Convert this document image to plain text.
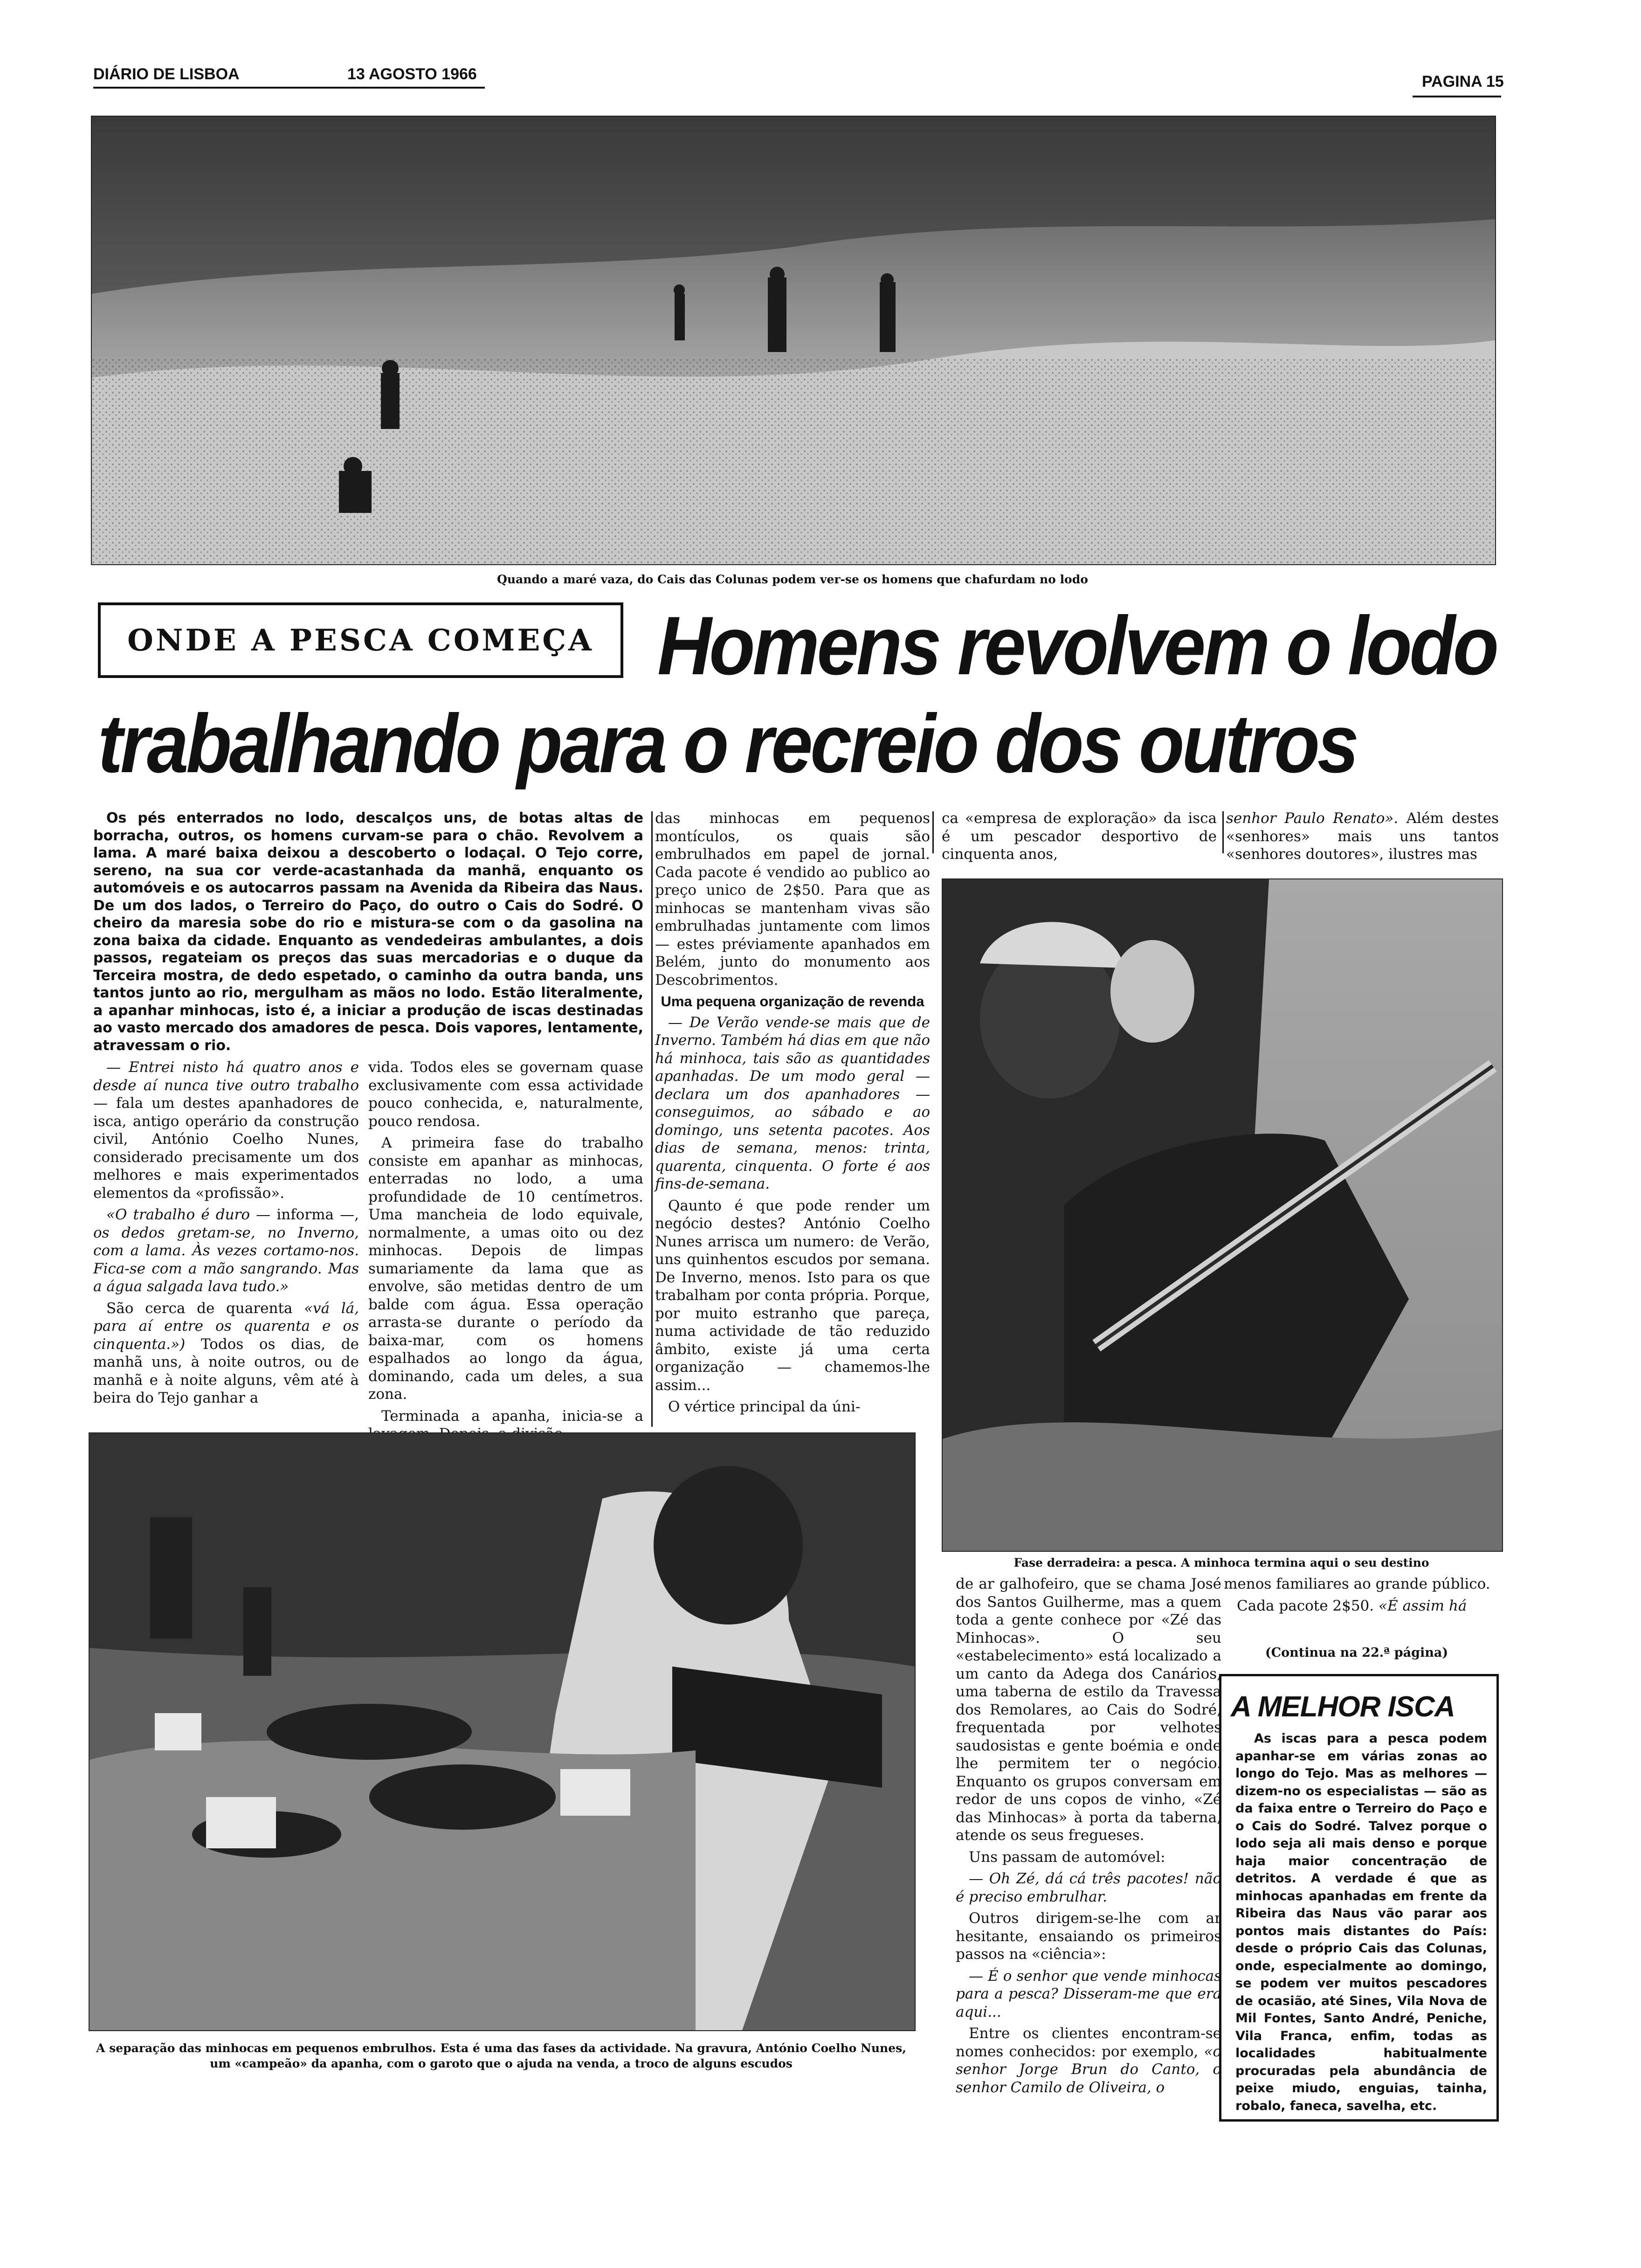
DIÁRIO DE LISBOA	13 AGOSTO 1966	PAGINA 15
Quando a maré vaza, do Cais das Colunas podem ver-se os homens que chafurdam no lodo
ONDE A PESCA COMEÇA Homens revolvem o lodo
trabalhando para o recreio dos outros

Os pés enterrados no lodo, descalços uns, de botas altas de borracha, outros, os homens curvam-se para o chão. Revolvem a lama. A maré baixa deixou a descoberto o lodaçal. O Tejo corre, sereno, na sua cor verde-acastanhada da manhã, enquanto os automóveis e os autocarros passam na Avenida da Ribeira das Naus. De um dos lados, o Terreiro do Paço, do outro o Cais do Sodré. O cheiro da maresia sobe do rio e mistura-se com o da gasolina na zona baixa da cidade. Enquanto as vendedeiras ambulantes, a dois passos, regateiam os preços das suas mercadorias e o duque da Terceira mostra, de dedo espetado, o caminho da outra banda, uns tantos junto ao rio, mergulham as mãos no lodo. Estão literalmente, a apanhar minhocas, isto é, a iniciar a produção de iscas destinadas ao vasto mercado dos amadores de pesca. Dois vapores, lentamente, atravessam o rio.

— Entrei nisto há quatro anos e desde aí nunca tive outro trabalho — fala um destes apanhadores de isca, antigo operário da construção civil, António Coelho Nunes, considerado precisamente um dos melhores e mais experimentados elementos da «profissão».

«O trabalho é duro — informa —, os dedos gretam-se, no Inverno, com a lama. Às vezes cortamo-nos. Fica-se com a mão sangrando. Mas a água salgada lava tudo.»

São cerca de quarenta «vá lá, para aí entre os quarenta e os cinquenta.») Todos os dias, de manhã uns, à noite outros, ou de manhã e à noite alguns, vêm até à beira do Tejo ganhar a

vida. Todos eles se governam quase exclusivamente com essa actividade pouco conhecida, e, naturalmente, pouco rendosa.

A primeira fase do trabalho consiste em apanhar as minhocas, enterradas no lodo, a uma profundidade de 10 centímetros. Uma mancheia de lodo equivale, normalmente, a umas oito ou dez minhocas. Depois de limpas sumariamente da lama que as envolve, são metidas dentro de um balde com água. Essa operação arrasta-se durante o período da baixa-mar, com os homens espalhados ao longo da água, dominando, cada um deles, a sua zona.

Terminada a apanha, inicia-se a

das minhocas em pequenos montículos, os quais são embrulhados em papel de jornal. Cada pacote é vendido ao publico ao preço unico de 2$50. Para que as minhocas se mantenham vivas são embrulhadas juntamente com limos — estes préviamente apanhados em Belém, junto do monumento aos Descobrimentos.

Uma pequena organização de revenda

— De Verão vende-se mais que de Inverno. Também há dias em que não há minhoca, tais são as quantidades apanhadas. De um modo geral — declara um dos apanhadores — conseguimos, ao sábado e ao domingo, uns setenta pacotes. Aos dias de semana, menos: trinta, quarenta, cinquenta. O forte é aos fins-de-semana.

Qaunto é que pode render um negócio destes? António Coelho Nunes arrisca um numero: de Verão, uns quinhentos escudos por semana. De Inverno, menos. Isto para os que trabalham por conta própria. Porque, por muito estranho que pareça, numa actividade de tão reduzido âmbito, existe já uma certa organização — chamemos-lhe assim...

O vértice principal da úni-

ca «empresa de exploração» da isca é um pescador desportivo de cinquenta anos,

senhor Paulo Renato». Além destes «senhores» mais uns tantos «senhores doutores», ilustres mas

Fase derradeira: a pesca. A minhoca termina aqui o seu destino

de ar galhofeiro, que se chama José dos Santos Guilherme, mas a quem toda a gente conhece por «Zé das Minhocas». O seu «estabelecimento» está localizado a um canto da Adega dos Canários, uma taberna de estilo da Travessa dos Remolares, ao Cais do Sodré, frequentada por velhotes saudosistas e gente boémia e onde lhe permitem ter o negócio. Enquanto os grupos conversam em redor de uns copos de vinho, «Zé das Minhocas» à porta da taberna, atende os seus fregueses.

Uns passam de automóvel:

— Oh Zé, dá cá três pacotes! não é preciso embrulhar.

Outros dirigem-se-lhe com ar hesitante, ensaiando os primeiros passos na «ciência»:

— É o senhor que vende minhocas para a pesca? Disseram-me que era aqui...

Entre os clientes encontram-se nomes conhecidos: por exemplo, «o senhor Jorge Brun do Canto, o senhor Camilo de Oliveira, o

menos familiares ao grande público.

Cada pacote 2$50. «É assim há

(Continua na 22.ª página)
A MELHOR ISCA
As iscas para a pesca podem apanhar-se em várias zonas ao longo do Tejo. Mas as melhores — dizem-no os especialistas — são as da faixa entre o Terreiro do Paço e o Cais do Sodré. Talvez porque o lodo seja ali mais denso e porque haja maior concentração de detritos. A verdade é que as minhocas apanhadas em frente da Ribeira das Naus vão parar aos pontos mais distantes do País: desde o próprio Cais das Colunas, onde, especialmente ao domingo, se podem ver muitos pescadores de ocasião, até Sines, Vila Nova de Mil Fontes, Santo André, Peniche, Vila Franca, enfim, todas as localidades habitualmente procuradas pela abundância de peixe miudo, enguias, tainha, robalo, faneca, savelha, etc.
A separação das minhocas em pequenos embrulhos. Esta é uma das fases da actividade. Na gravura, António Coelho Nunes, um «campeão» da apanha, com o garoto que o ajuda na venda, a troco de alguns escudos
